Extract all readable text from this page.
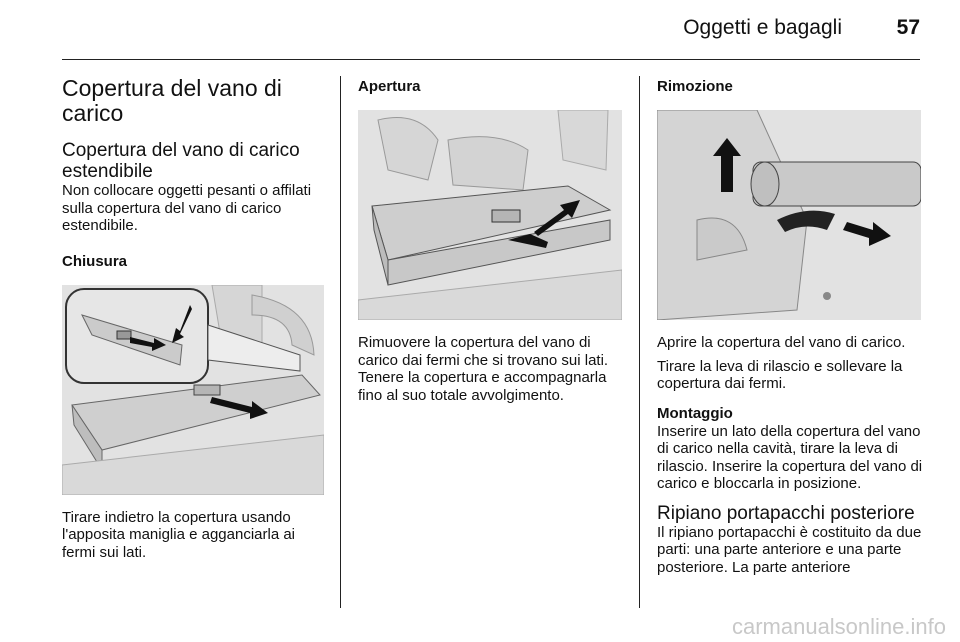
Oggetti e bagagli	57
Copertura del vano di carico
Copertura del vano di carico estendibile

Non collocare oggetti pesanti o affilati sulla copertura del vano di carico estendibile.

Chiusura

Tirare indietro la copertura usando l'apposita maniglia e agganciarla ai fermi sui lati.

Apertura

Rimuovere la copertura del vano di carico dai fermi che si trovano sui lati. Tenere la copertura e accompagnarla fino al suo totale avvolgimento.

Rimozione

Aprire la copertura del vano di carico.

Tirare la leva di rilascio e sollevare la copertura dai fermi.

Montaggio

Inserire un lato della copertura del vano di carico nella cavità, tirare la leva di rilascio. Inserire la copertura del vano di carico e bloccarla in posizione.

Ripiano portapacchi posteriore

Il ripiano portapacchi è costituito da due parti: una parte anteriore e una parte posteriore. La parte anteriore

carmanualsonline.info
